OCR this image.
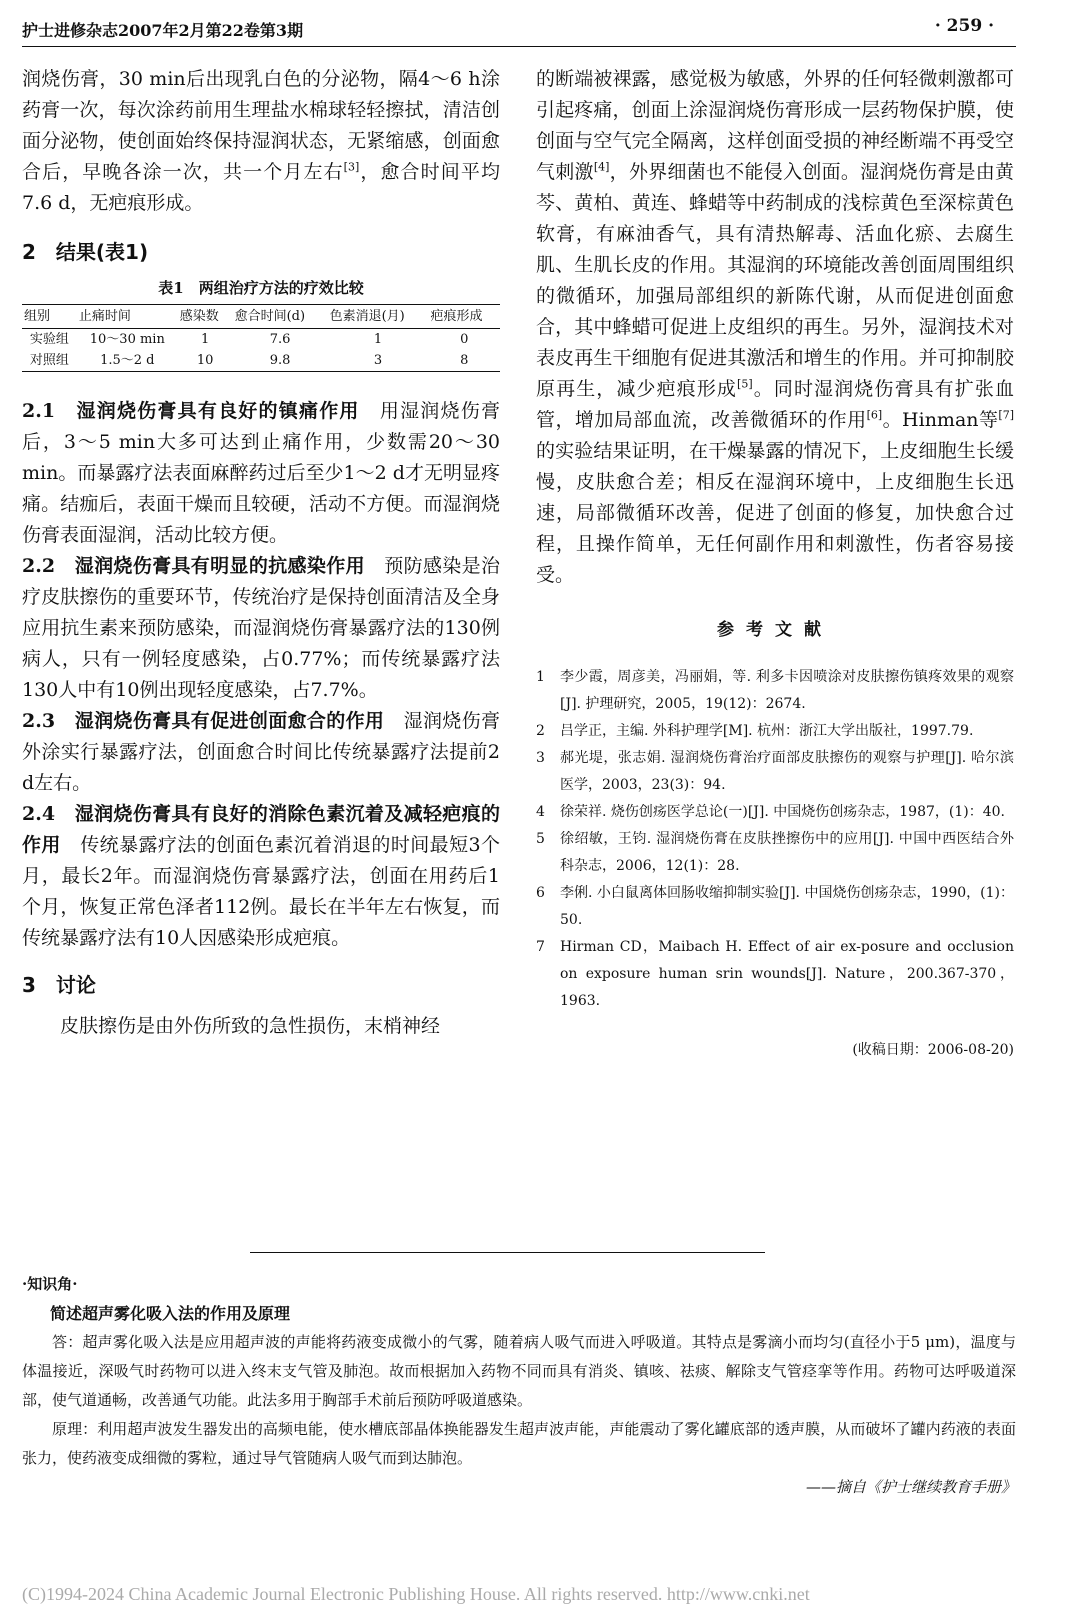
护士进修杂志2007年2月第22卷第3期	· 259 ·

润烧伤膏，30 min后出现乳白色的分泌物，隔4～6 h涂药膏一次，每次涂药前用生理盐水棉球轻轻擦拭，清洁创面分泌物，使创面始终保持湿润状态，无紧缩感，创面愈合后，早晚各涂一次，共一个月左右[3]，愈合时间平均7.6 d，无疤痕形成。

2　结果(表1)
表1　两组治疗方法的疗效比较
组别	止痛时间	感染数	愈合时间(d)	色素消退(月)	疤痕形成
实验组	10～30 min	1	7.6	1	0
对照组	1.5～2 d	10	9.8	3	8

2.1　湿润烧伤膏具有良好的镇痛作用　用湿润烧伤膏后，3～5 min大多可达到止痛作用，少数需20～30 min。而暴露疗法表面麻醉药过后至少1～2 d才无明显疼痛。结痂后，表面干燥而且较硬，活动不方便。而湿润烧伤膏表面湿润，活动比较方便。

2.2　湿润烧伤膏具有明显的抗感染作用　预防感染是治疗皮肤擦伤的重要环节，传统治疗是保持创面清洁及全身应用抗生素来预防感染，而湿润烧伤膏暴露疗法的130例病人，只有一例轻度感染，占0.77%；而传统暴露疗法130人中有10例出现轻度感染，占7.7%。

2.3　湿润烧伤膏具有促进创面愈合的作用　湿润烧伤膏外涂实行暴露疗法，创面愈合时间比传统暴露疗法提前2 d左右。

2.4　湿润烧伤膏具有良好的消除色素沉着及减轻疤痕的作用　传统暴露疗法的创面色素沉着消退的时间最短3个月，最长2年。而湿润烧伤膏暴露疗法，创面在用药后1个月，恢复正常色泽者112例。最长在半年左右恢复，而传统暴露疗法有10人因感染形成疤痕。

3　讨论

皮肤擦伤是由外伤所致的急性损伤，末梢神经

的断端被裸露，感觉极为敏感，外界的任何轻微刺激都可引起疼痛，创面上涂湿润烧伤膏形成一层药物保护膜，使创面与空气完全隔离，这样创面受损的神经断端不再受空气刺激[4]，外界细菌也不能侵入创面。湿润烧伤膏是由黄芩、黄柏、黄连、蜂蜡等中药制成的浅棕黄色至深棕黄色软膏，有麻油香气，具有清热解毒、活血化瘀、去腐生肌、生肌长皮的作用。其湿润的环境能改善创面周围组织的微循环，加强局部组织的新陈代谢，从而促进创面愈合，其中蜂蜡可促进上皮组织的再生。另外，湿润技术对表皮再生干细胞有促进其激活和增生的作用。并可抑制胶原再生，减少疤痕形成[5]。同时湿润烧伤膏具有扩张血管，增加局部血流，改善微循环的作用[6]。Hinman等[7]的实验结果证明，在干燥暴露的情况下，上皮细胞生长缓慢，皮肤愈合差；相反在湿润环境中，上皮细胞生长迅速，局部微循环改善，促进了创面的修复，加快愈合过程，且操作简单，无任何副作用和刺激性，伤者容易接受。

参考文献
1	李少霞，周彦美，冯丽娟，等. 利多卡因喷涂对皮肤擦伤镇疼效果的观察[J]. 护理研究，2005，19(12)：2674.
2	吕学正，主编. 外科护理学[M]. 杭州：浙江大学出版社，1997.79.
3	郝光堤，张志娟. 湿润烧伤膏治疗面部皮肤擦伤的观察与护理[J]. 哈尔滨医学，2003，23(3)：94.
4	徐荣祥. 烧伤创疡医学总论(一)[J]. 中国烧伤创疡杂志，1987，(1)：40.
5	徐绍敏，王钧. 湿润烧伤膏在皮肤挫擦伤中的应用[J]. 中国中西医结合外科杂志，2006，12(1)：28.
6	李俐. 小白鼠离体回肠收缩抑制实验[J]. 中国烧伤创疡杂志，1990，(1)：50.
7	Hirman CD，Maibach H. Effect of air ex-posure and occlusion on exposure human srin wounds[J]. Nature，200.367-370，1963.
(收稿日期：2006-08-20)
·知识角·
简述超声雾化吸入法的作用及原理

答：超声雾化吸入法是应用超声波的声能将药液变成微小的气雾，随着病人吸气而进入呼吸道。其特点是雾滴小而均匀(直径小于5 μm)，温度与体温接近，深吸气时药物可以进入终末支气管及肺泡。故而根据加入药物不同而具有消炎、镇咳、祛痰、解除支气管痉挛等作用。药物可达呼吸道深部，使气道通畅，改善通气功能。此法多用于胸部手术前后预防呼吸道感染。

原理：利用超声波发生器发出的高频电能，使水槽底部晶体换能器发生超声波声能，声能震动了雾化罐底部的透声膜，从而破坏了罐内药液的表面张力，使药液变成细微的雾粒，通过导气管随病人吸气而到达肺泡。

——摘自《护士继续教育手册》
(C)1994-2024 China Academic Journal Electronic Publishing House. All rights reserved. http://www.cnki.net
